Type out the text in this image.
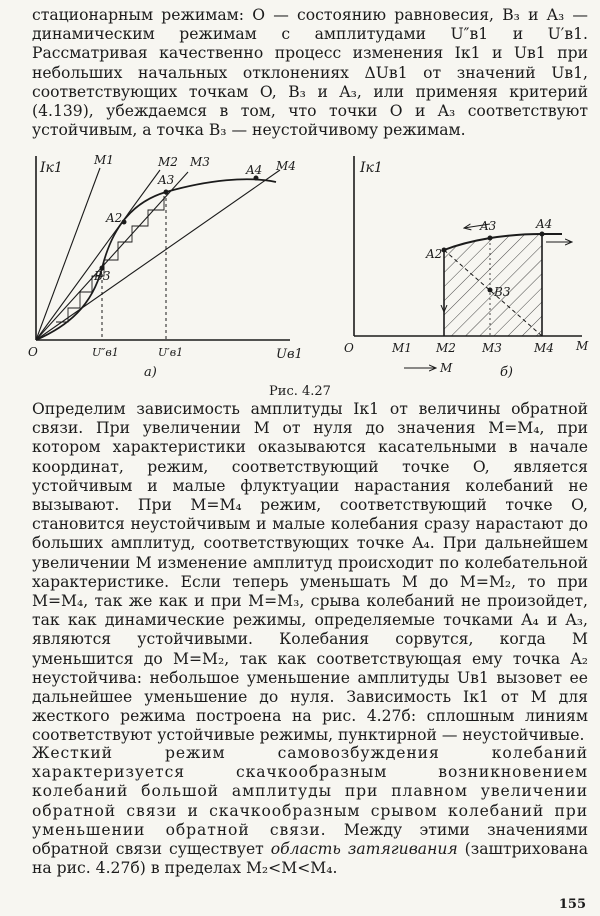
стационарным режимам: O — состоянию равновесия, B₃ и A₃ — динамическим режимам с амплитудами U″в1 и U′в1. Рассматривая качественно процесс изменения Iк1 и Uв1 при небольших начальных отклонениях ΔUв1 от значений Uв1, соответствующих точкам O, B₃ и A₃, или применяя критерий (4.139), убеждаемся в том, что точки O и A₃ соответствуют устойчивым, а точка B₃ — неустойчивому режимам.

Iк1	M1	M2 M3	M4
A2
A3
A4
B3
O	U″в1	U′в1	Uв1
а)
Iк1
A2
A3	A4
B3
O	M1 M2 M3	M4 M
M	б)
Рис. 4.27

Определим зависимость амплитуды Iк1 от величины обратной связи. При увеличении M от нуля до значения M=M₄, при котором характеристики оказываются касательными в начале координат, режим, соответствующий точке O, является устойчивым и малые флуктуации нарастания колебаний не вызывают. При M=M₄ режим, соответствующий точке O, становится неустойчивым и малые колебания сразу нарастают до больших амплитуд, соответствующих точке A₄. При дальнейшем увеличении M изменение амплитуд происходит по колебательной характеристике. Если теперь уменьшать M до M=M₂, то при M=M₄, так же как и при M=M₃, срыва колебаний не произойдет, так как динамические режимы, определяемые точками A₄ и A₃, являются устойчивыми. Колебания сорвутся, когда M уменьшится до M=M₂, так как соответствующая ему точка A₂ неустойчива: небольшое уменьшение амплитуды Uв1 вызовет ее дальнейшее уменьшение до нуля. Зависимость Iк1 от M для жесткого режима построена на рис. 4.27б: сплошным линиям соответствуют устойчивые режимы, пунктирной — неустойчивые.

Жесткий режим самовозбуждения колебаний характеризуется скачкообразным возникновением колебаний большой амплитуды при плавном увеличении обратной связи и скачкообразным срывом колебаний при уменьшении обратной связи. Между этими значениями обратной связи существует область затягивания (заштрихована на рис. 4.27б) в пределах M₂<M<M₄.

155
